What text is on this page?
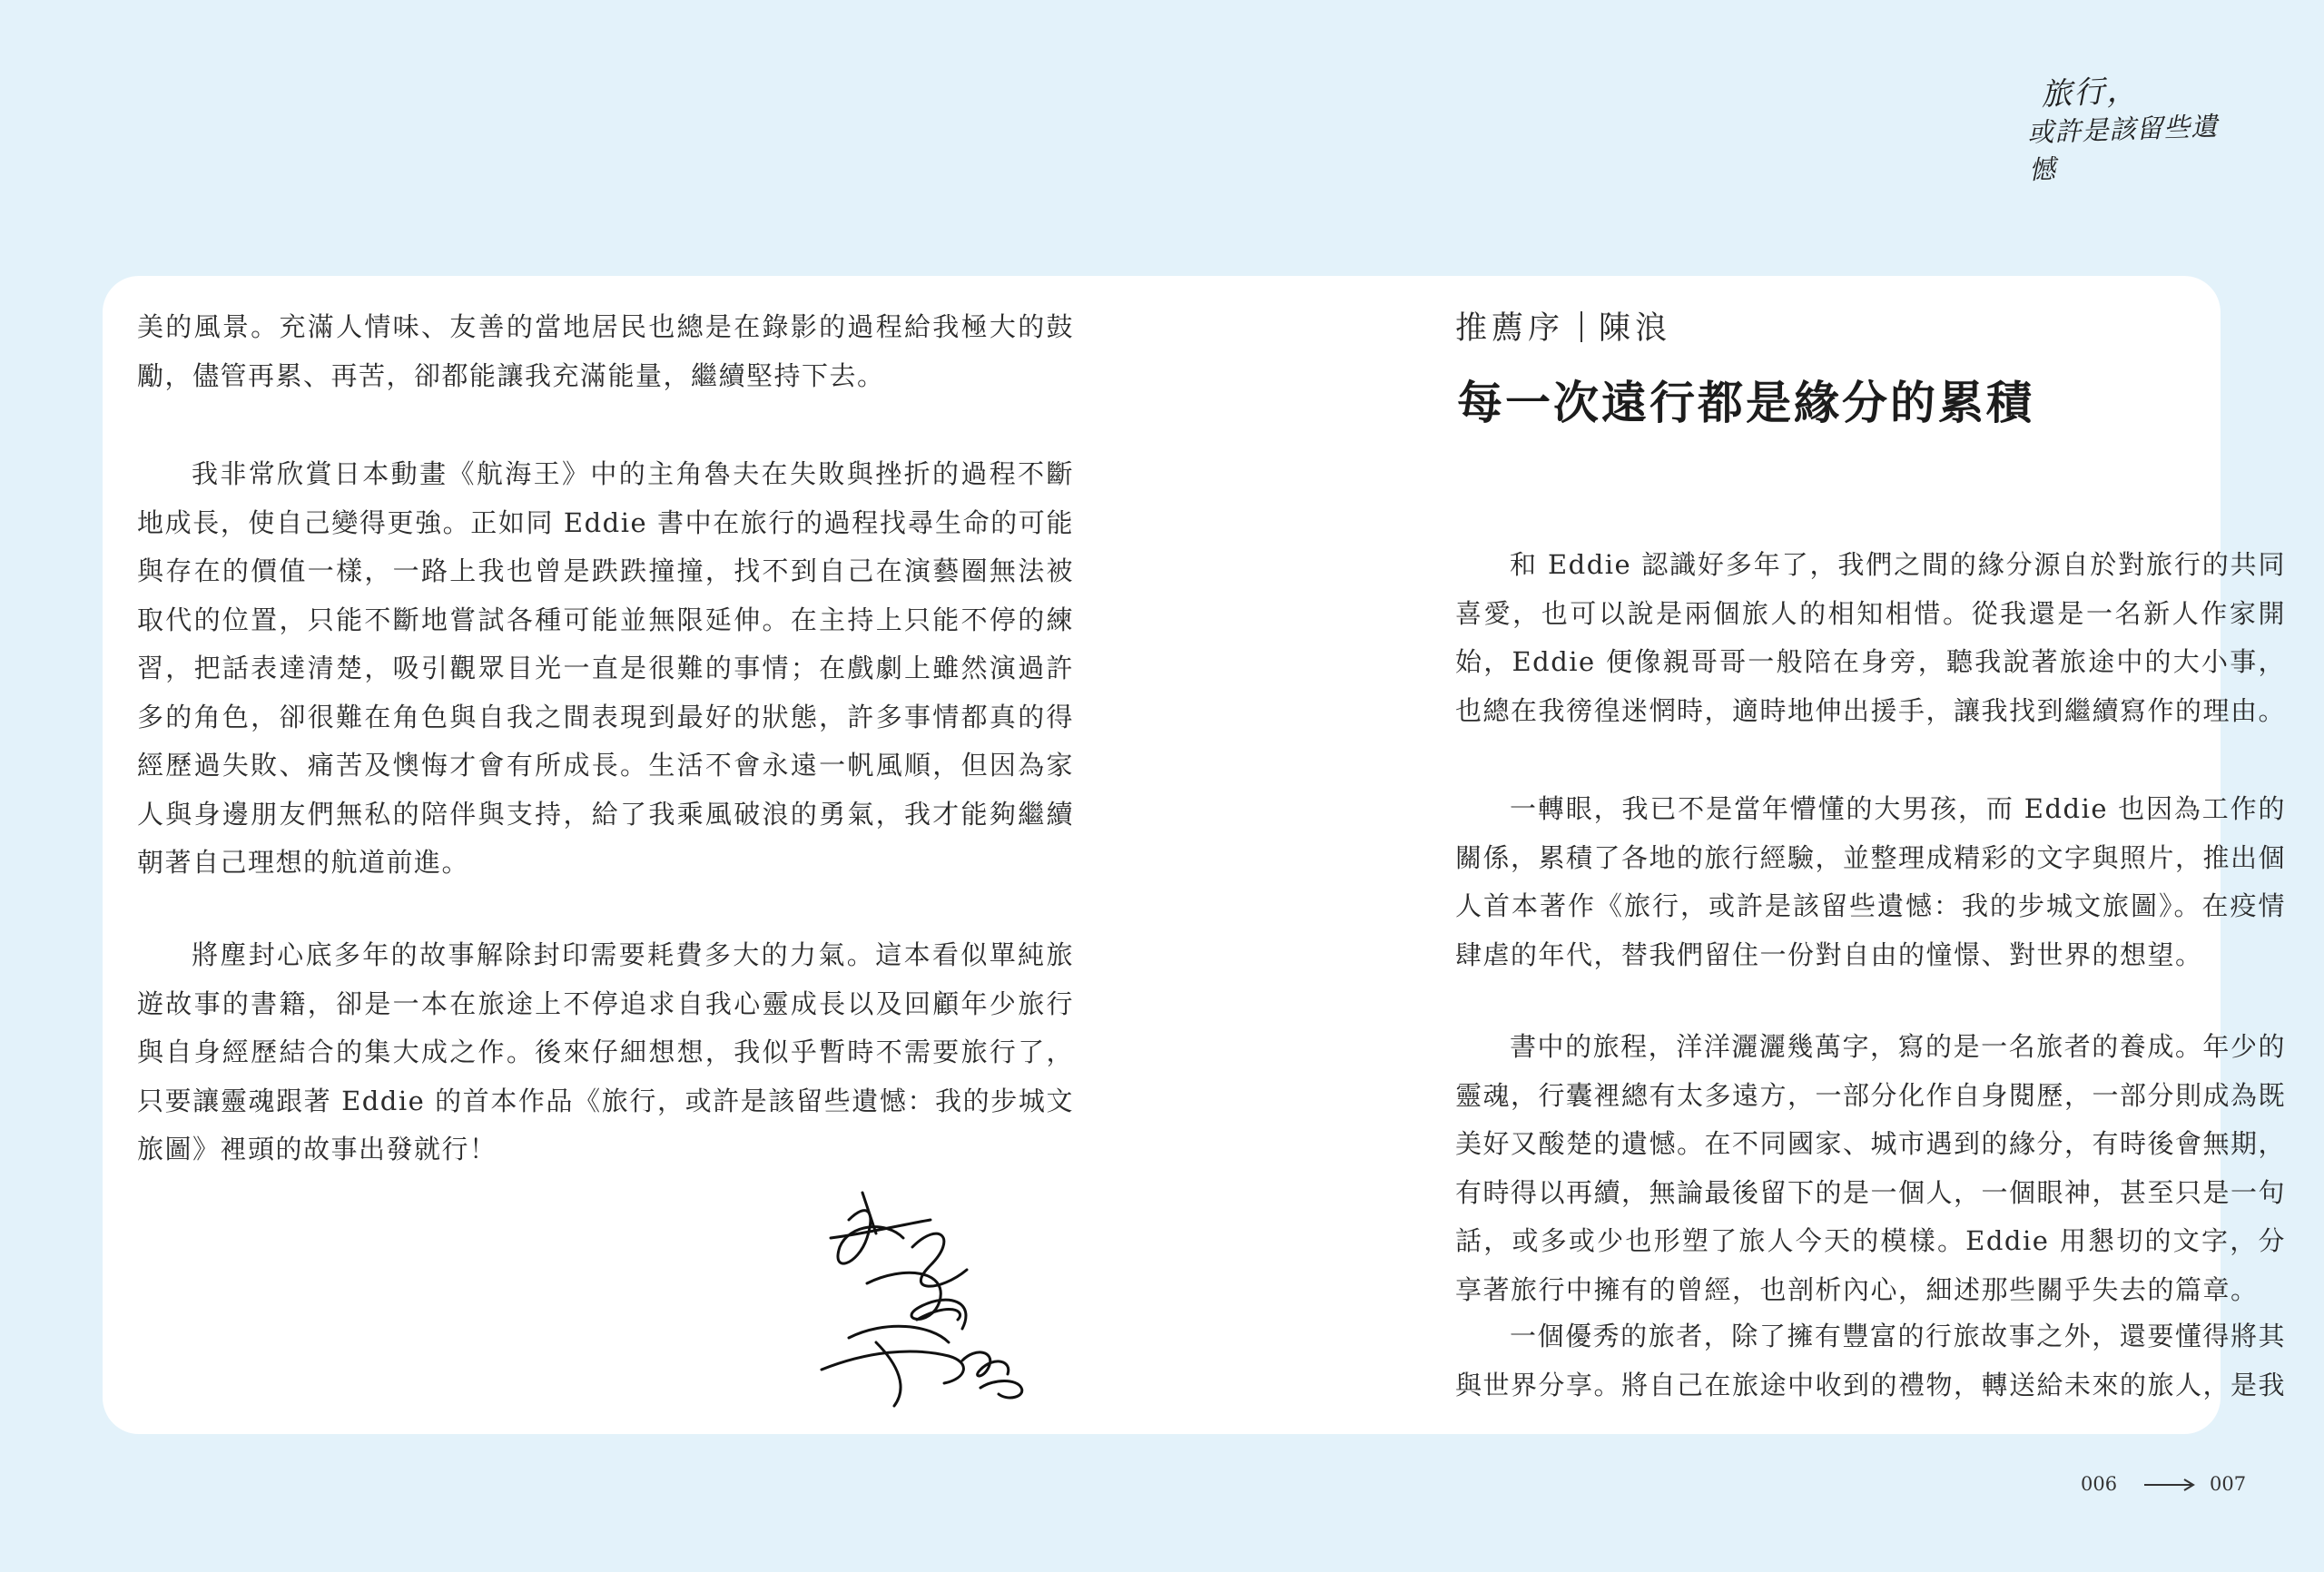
旅行，
或許是該留些遺憾

美的風景。充滿人情味、友善的當地居民也總是在錄影的過程給我極大的鼓勵，儘管再累、再苦，卻都能讓我充滿能量，繼續堅持下去。

我非常欣賞日本動畫《航海王》中的主角魯夫在失敗與挫折的過程不斷地成長，使自己變得更強。正如同 Eddie 書中在旅行的過程找尋生命的可能與存在的價值一樣，一路上我也曾是跌跌撞撞，找不到自己在演藝圈無法被取代的位置，只能不斷地嘗試各種可能並無限延伸。在主持上只能不停的練習，把話表達清楚，吸引觀眾目光一直是很難的事情；在戲劇上雖然演過許多的角色，卻很難在角色與自我之間表現到最好的狀態，許多事情都真的得經歷過失敗、痛苦及懊悔才會有所成長。生活不會永遠一帆風順，但因為家人與身邊朋友們無私的陪伴與支持，給了我乘風破浪的勇氣，我才能夠繼續朝著自己理想的航道前進。

將塵封心底多年的故事解除封印需要耗費多大的力氣。這本看似單純旅遊故事的書籍，卻是一本在旅途上不停追求自我心靈成長以及回顧年少旅行與自身經歷結合的集大成之作。後來仔細想想，我似乎暫時不需要旅行了，只要讓靈魂跟著 Eddie 的首本作品《旅行，或許是該留些遺憾：我的步城文旅圖》裡頭的故事出發就行！

推薦序 陳浪
每一次遠行都是緣分的累積

和 Eddie 認識好多年了，我們之間的緣分源自於對旅行的共同喜愛，也可以說是兩個旅人的相知相惜。從我還是一名新人作家開始，Eddie 便像親哥哥一般陪在身旁，聽我說著旅途中的大小事，也總在我徬徨迷惘時，適時地伸出援手，讓我找到繼續寫作的理由。

一轉眼，我已不是當年懵懂的大男孩，而 Eddie 也因為工作的關係，累積了各地的旅行經驗，並整理成精彩的文字與照片，推出個人首本著作《旅行，或許是該留些遺憾：我的步城文旅圖》。在疫情肆虐的年代，替我們留住一份對自由的憧憬、對世界的想望。

書中的旅程，洋洋灑灑幾萬字，寫的是一名旅者的養成。年少的靈魂，行囊裡總有太多遠方，一部分化作自身閱歷，一部分則成為既美好又酸楚的遺憾。在不同國家、城市遇到的緣分，有時後會無期，有時得以再續，無論最後留下的是一個人，一個眼神，甚至只是一句話，或多或少也形塑了旅人今天的模樣。Eddie 用懇切的文字，分享著旅行中擁有的曾經，也剖析內心，細述那些關乎失去的篇章。

一個優秀的旅者，除了擁有豐富的行旅故事之外，還要懂得將其與世界分享。將自己在旅途中收到的禮物，轉送給未來的旅人，是我

006	007
